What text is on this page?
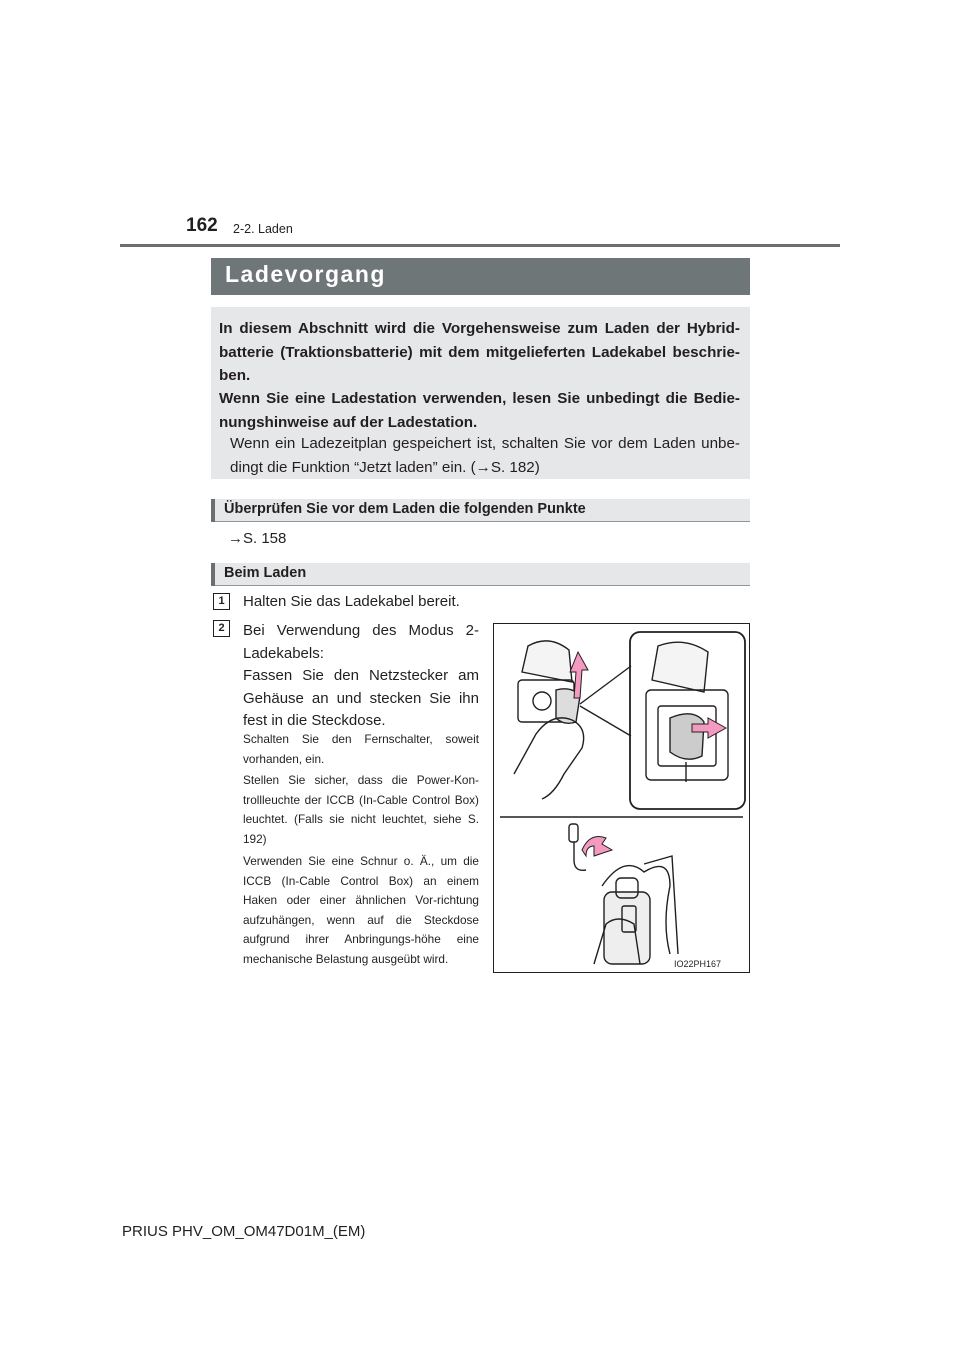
162 2-2. Laden
Ladevorgang

In diesem Abschnitt wird die Vorgehensweise zum Laden der Hybrid-batterie (Traktionsbatterie) mit dem mitgelieferten Ladekabel beschrie-ben.

Wenn Sie eine Ladestation verwenden, lesen Sie unbedingt die Bedie-nungshinweise auf der Ladestation.

Wenn ein Ladezeitplan gespeichert ist, schalten Sie vor dem Laden unbe-dingt die Funktion “Jetzt laden” ein. (→S. 182)

Überprüfen Sie vor dem Laden die folgenden Punkte
→S. 158
Beim Laden
1	Halten Sie das Ladekabel bereit.
2	Bei Verwendung des Modus 2-Ladekabels:
Fassen Sie den Netzstecker am Gehäuse an und stecken Sie ihn fest in die Steckdose.
Schalten Sie den Fernschalter, soweit vorhanden, ein.
Stellen Sie sicher, dass die Power-Kon-trollleuchte der ICCB (In-Cable Control Box) leuchtet. (Falls sie nicht leuchtet, siehe S. 192)
Verwenden Sie eine Schnur o. Ä., um die ICCB (In-Cable Control Box) an einem Haken oder einer ähnlichen Vor-richtung aufzuhängen, wenn auf die Steckdose aufgrund ihrer Anbringungs-höhe eine mechanische Belastung ausgeübt wird.	IO22PH167
PRIUS PHV_OM_OM47D01M_(EM)
